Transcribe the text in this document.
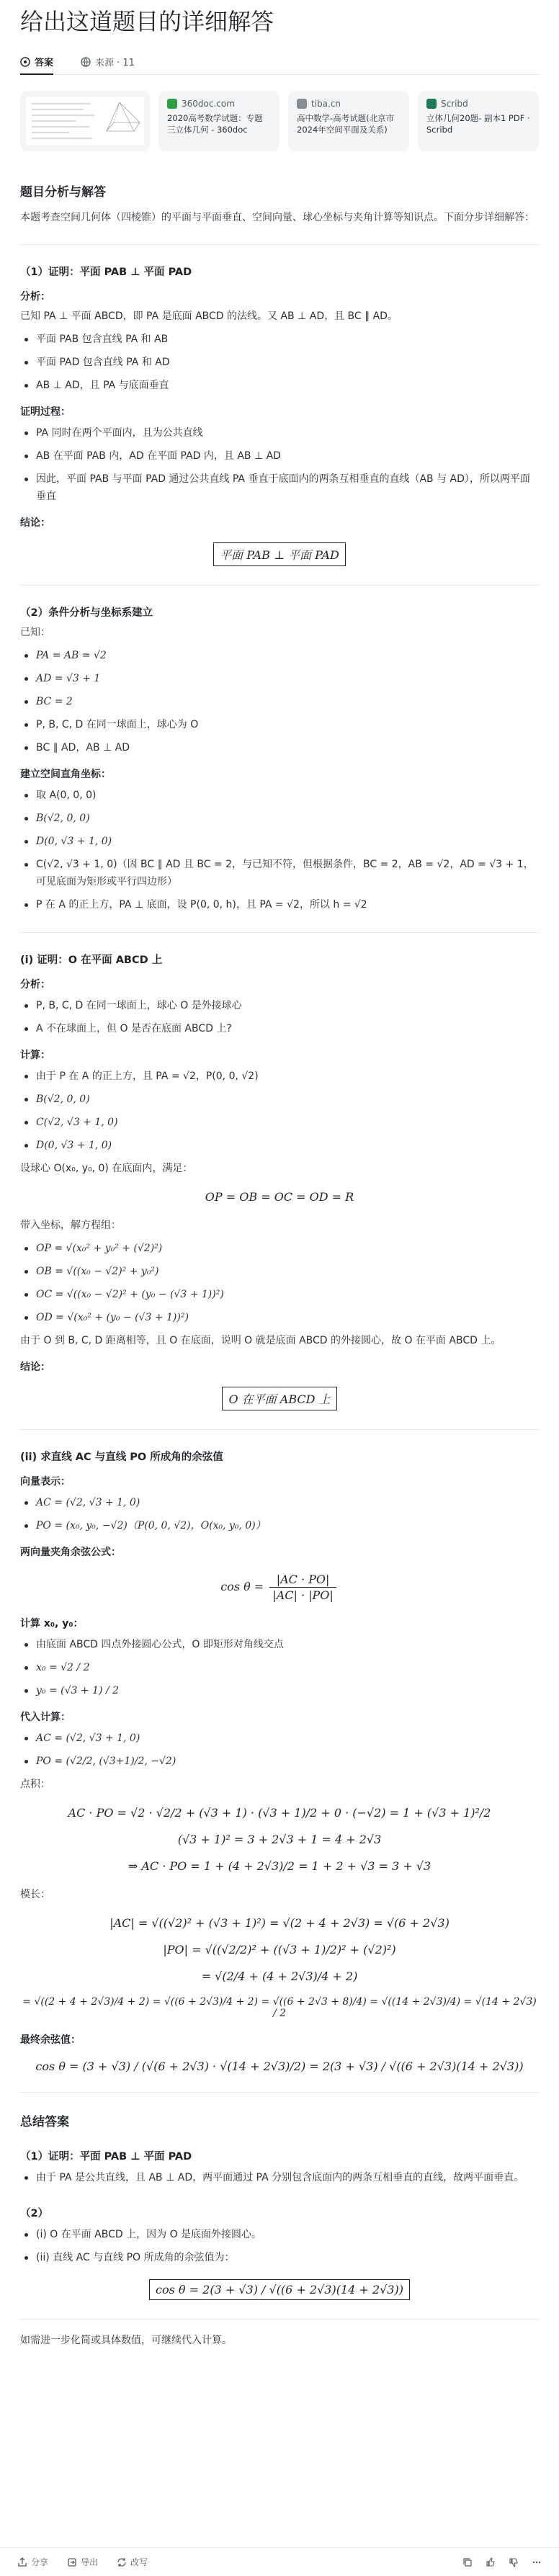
给出这道题目的详细解答
答案	来源 · 11
360doc.com
2020高考数学试题：专题三立体几何 - 360doc
tiba.cn
高中数学-高考试题(北京市2024年空间平面及关系)
Scribd
立体几何20题- 副本1 PDF · Scribd
题目分析与解答
本题考查空间几何体（四棱锥）的平面与平面垂直、空间向量、球心坐标与夹角计算等知识点。下面分步详细解答：
（1）证明：平面 PAB ⊥ 平面 PAD
分析：
已知 PA ⊥ 平面 ABCD，即 PA 是底面 ABCD 的法线。又 AB ⊥ AD，且 BC ∥ AD。
平面 PAB 包含直线 PA 和 AB
平面 PAD 包含直线 PA 和 AD
AB ⊥ AD，且 PA 与底面垂直
证明过程：
PA 同时在两个平面内，且为公共直线
AB 在平面 PAB 内，AD 在平面 PAD 内，且 AB ⊥ AD
因此，平面 PAB 与平面 PAD 通过公共直线 PA 垂直于底面内的两条互相垂直的直线（AB 与 AD），所以两平面垂直
结论：
平面 PAB ⊥ 平面 PAD
（2）条件分析与坐标系建立
已知：
PA = AB = √2
AD = √3 + 1
BC = 2
P, B, C, D 在同一球面上，球心为 O
BC ∥ AD，AB ⊥ AD
建立空间直角坐标：
取 A(0, 0, 0)
B(√2, 0, 0)
D(0, √3 + 1, 0)
C(√2, √3 + 1, 0)（因 BC ∥ AD 且 BC = 2，与已知不符，但根据条件，BC = 2，AB = √2，AD = √3 + 1，可见底面为矩形或平行四边形）
P 在 A 的正上方，PA ⊥ 底面，设 P(0, 0, h)，且 PA = √2，所以 h = √2
(i) 证明：O 在平面 ABCD 上
分析：
P, B, C, D 在同一球面上，球心 O 是外接球心
A 不在球面上，但 O 是否在底面 ABCD 上?
计算：
由于 P 在 A 的正上方，且 PA = √2，P(0, 0, √2)
B(√2, 0, 0)
C(√2, √3 + 1, 0)
D(0, √3 + 1, 0)
设球心 O(x₀, y₀, 0) 在底面内，满足：
OP = OB = OC = OD = R
带入坐标，解方程组：
OP = √(x₀² + y₀² + (√2)²)
OB = √((x₀ − √2)² + y₀²)
OC = √((x₀ − √2)² + (y₀ − (√3 + 1))²)
OD = √(x₀² + (y₀ − (√3 + 1))²)
由于 O 到 B, C, D 距离相等，且 O 在底面，说明 O 就是底面 ABCD 的外接圆心，故 O 在平面 ABCD 上。
结论：
O 在平面 ABCD 上
(ii) 求直线 AC 与直线 PO 所成角的余弦值
向量表示：
AC = (√2, √3 + 1, 0)
PO = (x₀, y₀, −√2)（P(0, 0, √2)，O(x₀, y₀, 0)）
两向量夹角余弦公式：
$\cos \theta = \frac{|AC \cdot PO|}{|AC| \cdot |PO|}$
计算 x₀, y₀：
由底面 ABCD 四点外接圆心公式，O 即矩形对角线交点
x₀ = √2 / 2
y₀ = (√3 + 1) / 2
代入计算：
AC = (√2, √3 + 1, 0)
PO = (√2/2, (√3+1)/2, −√2)
点积：
AC · PO = √2 · √2/2 + (√3 + 1) · (√3 + 1)/2 + 0 · (−√2) = 1 + (√3 + 1)²/2
(√3 + 1)² = 3 + 2√3 + 1 = 4 + 2√3
⇒ AC · PO = 1 + (4 + 2√3)/2 = 1 + 2 + √3 = 3 + √3
模长：
|AC| = √((√2)² + (√3 + 1)²) = √(2 + 4 + 2√3) = √(6 + 2√3)
|PO| = √((√2/2)² + ((√3 + 1)/2)² + (√2)²)
= √(2/4 + (4 + 2√3)/4 + 2)
= √((2 + 4 + 2√3)/4 + 2) = √((6 + 2√3)/4 + 2) = √((6 + 2√3 + 8)/4) = √((14 + 2√3)/4) = √(14 + 2√3) / 2
最终余弦值：
cos θ = (3 + √3) / (√(6 + 2√3) · √(14 + 2√3)/2) = 2(3 + √3) / √((6 + 2√3)(14 + 2√3))
总结答案
（1）证明：平面 PAB ⊥ 平面 PAD
由于 PA 是公共直线，且 AB ⊥ AD，两平面通过 PA 分别包含底面内的两条互相垂直的直线，故两平面垂直。
（2）
(i) O 在平面 ABCD 上，因为 O 是底面外接圆心。
(ii) 直线 AC 与直线 PO 所成角的余弦值为：
cos θ = 2(3 + √3) / √((6 + 2√3)(14 + 2√3))
如需进一步化简或具体数值，可继续代入计算。
分享	导出	改写
